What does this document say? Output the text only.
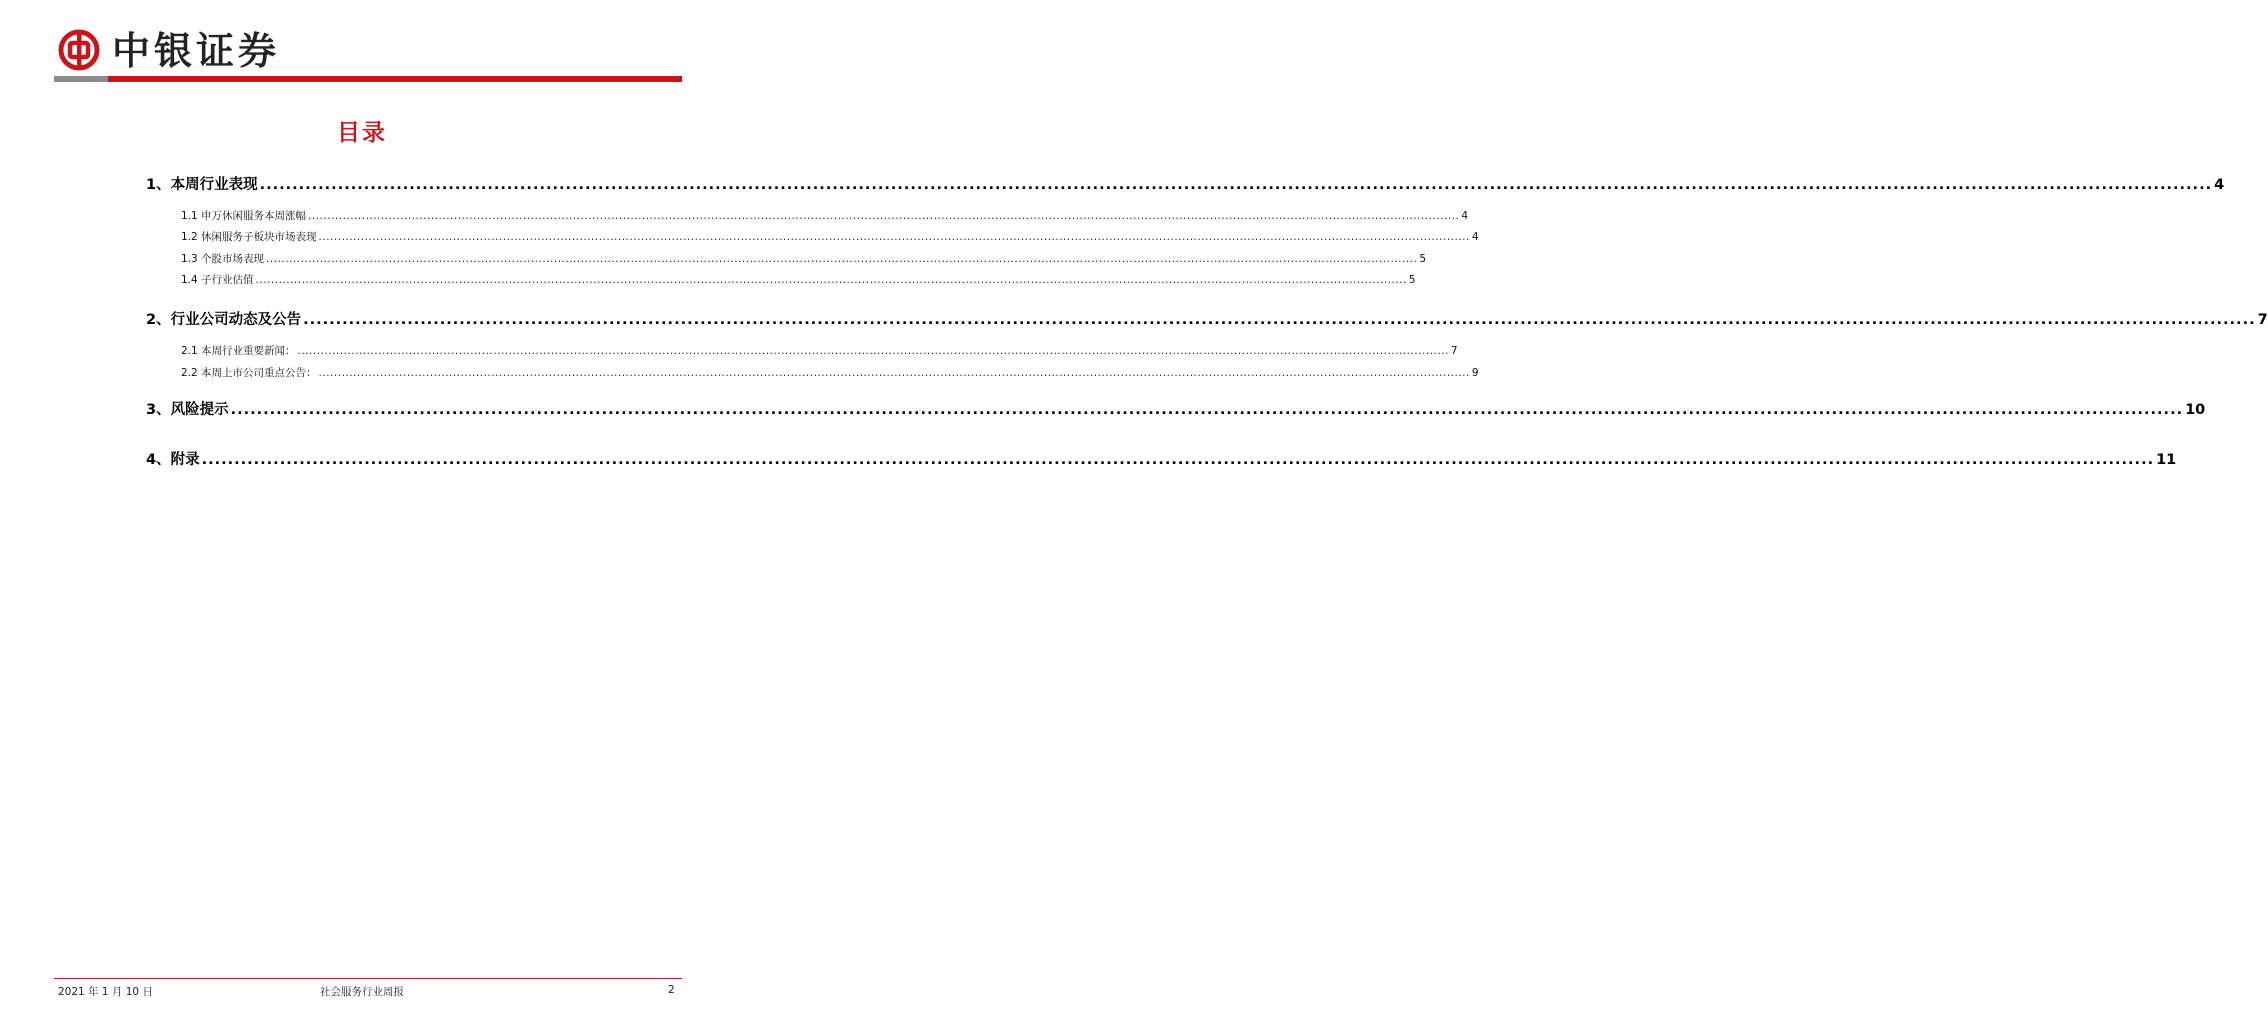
中银证券
目录
1、本周行业表现 ............................................................................................................................................................................................................................................................................................................ 4
1.1 申万休闲服务本周涨幅 ............................................................................................................................................................................................................................................................................................................ 4
1.2 休闲服务子板块市场表现 ............................................................................................................................................................................................................................................................................................................ 4
1.3 个股市场表现 ............................................................................................................................................................................................................................................................................................................ 5
1.4 子行业估值 ............................................................................................................................................................................................................................................................................................................ 5
2、行业公司动态及公告 ............................................................................................................................................................................................................................................................................................................ 7
2.1 本周行业重要新闻： ............................................................................................................................................................................................................................................................................................................ 7
2.2 本周上市公司重点公告： ............................................................................................................................................................................................................................................................................................................ 9
3、风险提示 ............................................................................................................................................................................................................................................................................................................ 10
4、附录 ............................................................................................................................................................................................................................................................................................................ 11
2021 年 1 月 10 日	社会服务行业周报	2
